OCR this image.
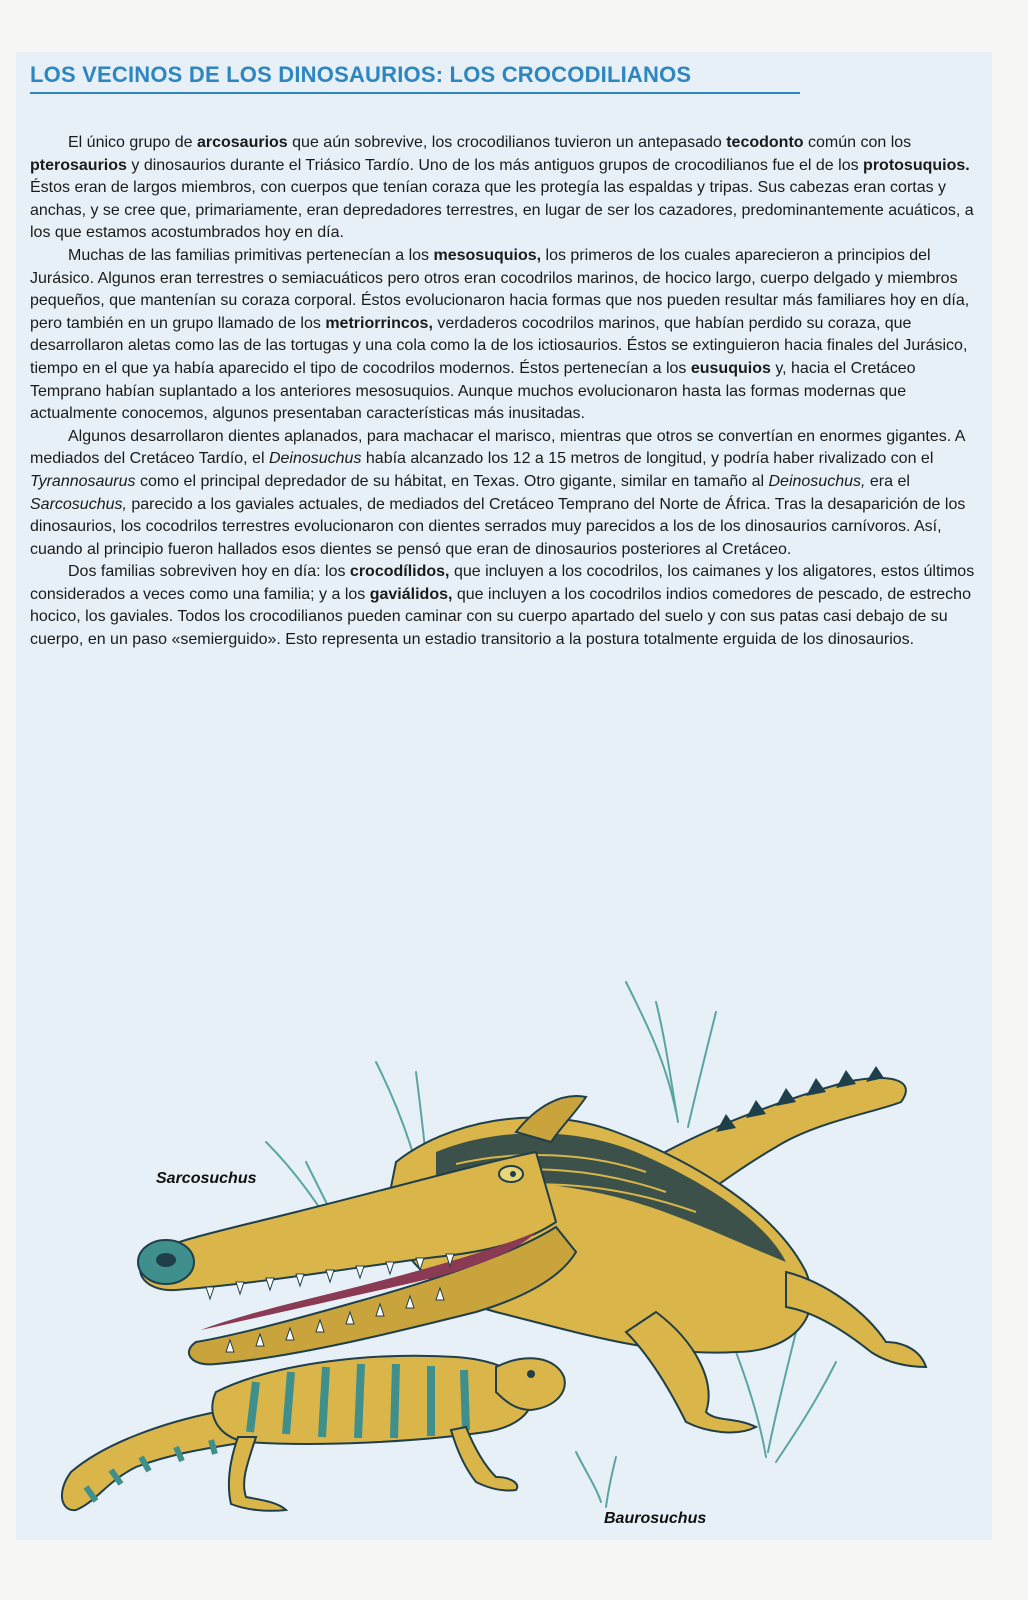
LOS VECINOS DE LOS DINOSAURIOS: LOS CROCODILIANOS

El único grupo de arcosaurios que aún sobrevive, los crocodilianos tuvieron un antepasado tecodonto común con los pterosaurios y dinosaurios durante el Triásico Tardío. Uno de los más antiguos grupos de crocodilianos fue el de los protosuquios. Éstos eran de largos miembros, con cuerpos que tenían coraza que les protegía las espaldas y tripas. Sus cabezas eran cortas y anchas, y se cree que, primariamente, eran depredadores terrestres, en lugar de ser los cazadores, predominantemente acuáticos, a los que estamos acostumbrados hoy en día.

Muchas de las familias primitivas pertenecían a los mesosuquios, los primeros de los cuales aparecieron a principios del Jurásico. Algunos eran terrestres o semiacuáticos pero otros eran cocodrilos marinos, de hocico largo, cuerpo delgado y miembros pequeños, que mantenían su coraza corporal. Éstos evolucionaron hacia formas que nos pueden resultar más familiares hoy en día, pero también en un grupo llamado de los metriorrincos, verdaderos cocodrilos marinos, que habían perdido su coraza, que desarrollaron aletas como las de las tortugas y una cola como la de los ictiosaurios. Éstos se extinguieron hacia finales del Jurásico, tiempo en el que ya había aparecido el tipo de cocodrilos modernos. Éstos pertenecían a los eusuquios y, hacia el Cretáceo Temprano habían suplantado a los anteriores mesosuquios. Aunque muchos evolucionaron hasta las formas modernas que actualmente conocemos, algunos presentaban características más inusitadas.

Algunos desarrollaron dientes aplanados, para machacar el marisco, mientras que otros se convertían en enormes gigantes. A mediados del Cretáceo Tardío, el Deinosuchus había alcanzado los 12 a 15 metros de longitud, y podría haber rivalizado con el Tyrannosaurus como el principal depredador de su hábitat, en Texas. Otro gigante, similar en tamaño al Deinosuchus, era el Sarcosuchus, parecido a los gaviales actuales, de mediados del Cretáceo Temprano del Norte de África. Tras la desaparición de los dinosaurios, los cocodrilos terrestres evolucionaron con dientes serrados muy parecidos a los de los dinosaurios carnívoros. Así, cuando al principio fueron hallados esos dientes se pensó que eran de dinosaurios posteriores al Cretáceo.

Dos familias sobreviven hoy en día: los crocodílidos, que incluyen a los cocodrilos, los caimanes y los aligatores, estos últimos considerados a veces como una familia; y a los gaviálidos, que incluyen a los cocodrilos indios comedores de pescado, de estrecho hocico, los gaviales. Todos los crocodilianos pueden caminar con su cuerpo apartado del suelo y con sus patas casi debajo de su cuerpo, en un paso «semierguido». Esto representa un estadio transitorio a la postura totalmente erguida de los dinosaurios.

Sarcosuchus
Baurosuchus
